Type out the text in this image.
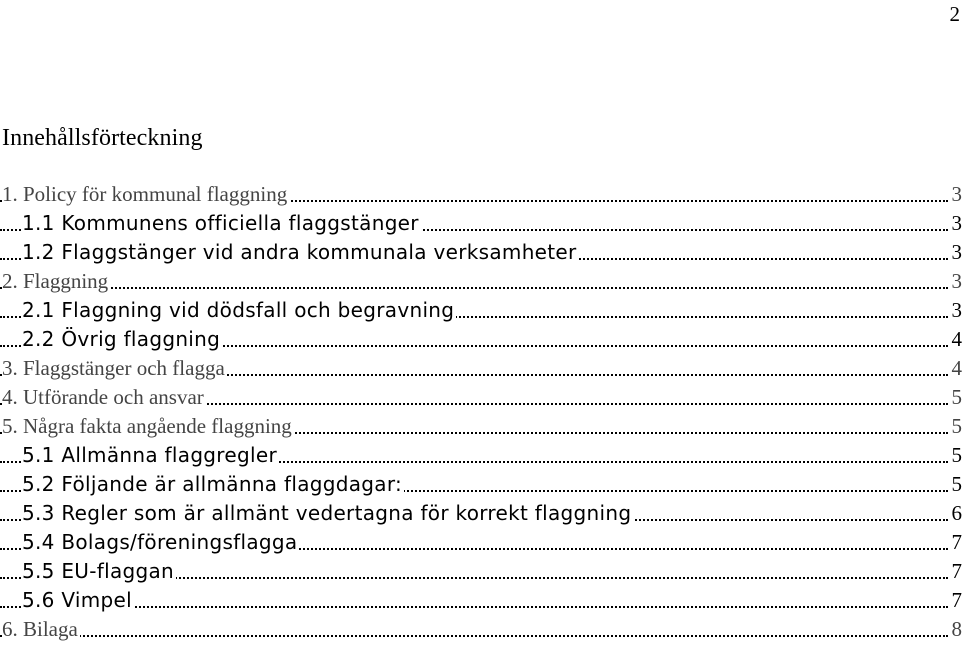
2
Innehållsförteckning
1. Policy för kommunal flaggning	3
1.1 Kommunens officiella flaggstänger	3
1.2 Flaggstänger vid andra kommunala verksamheter	3
2. Flaggning	3
2.1 Flaggning vid dödsfall och begravning	3
2.2 Övrig flaggning	4
3. Flaggstänger och flagga	4
4. Utförande och ansvar	5
5. Några fakta angående flaggning	5
5.1 Allmänna flaggregler	5
5.2 Följande är allmänna flaggdagar:	5
5.3 Regler som är allmänt vedertagna för korrekt flaggning	6
5.4 Bolags/föreningsflagga	7
5.5 EU-flaggan	7
5.6 Vimpel	7
6. Bilaga	8
